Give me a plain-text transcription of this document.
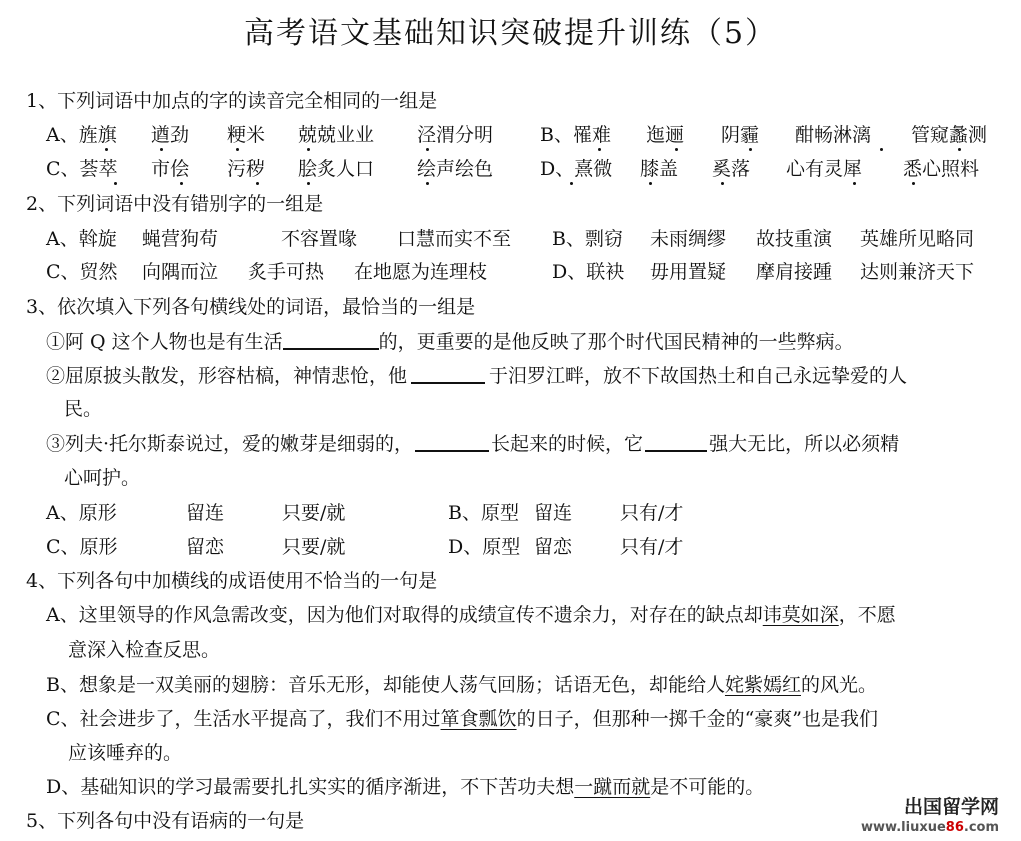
高考语文基础知识突破提升训练（5）
1、下列词语中加点的字的读音完全相同的一组是
A、旌旗 遒劲 粳米 兢兢业业 泾渭分明 B、罹难 迤逦 阴霾 酣畅淋漓 管窥蠡测
C、荟萃 市侩 污秽 脍炙人口 绘声绘色 D、熹微 膝盖 奚落 心有灵犀 悉心照料
2、下列词语中没有错别字的一组是
A、斡旋 蝇营狗苟	不容置喙 口慧而实不至 B、剽窃 未雨绸缪 故技重演 英雄所见略同
C、贸然 向隅而泣 炙手可热 在地愿为连理枝	D、联袂 毋用置疑 摩肩接踵 达则兼济天下
3、依次填入下列各句横线处的词语，最恰当的一组是
①阿 Q 这个人物也是有生活	的，更重要的是他反映了那个时代国民精神的一些弊病。
②屈原披头散发，形容枯槁，神情悲怆，他	于汨罗江畔，放不下故国热土和自己永远挚爱的人
民。
③列夫·托尔斯泰说过，爱的嫩芽是细弱的，	长起来的时候，它	强大无比，所以必须精
心呵护。
A、原形	留连	只要/就	B、原型 留连	只有/才
C、原形	留恋	只要/就	D、原型 留恋	只有/才
4、下列各句中加横线的成语使用不恰当的一句是
A、这里领导的作风急需改变，因为他们对取得的成绩宣传不遗余力，对存在的缺点却讳莫如深，不愿
意深入检查反思。
B、想象是一双美丽的翅膀：音乐无形，却能使人荡气回肠；话语无色，却能给人姹紫嫣红的风光。
C、社会进步了，生活水平提高了，我们不用过箪食瓢饮的日子，但那种一掷千金的“豪爽”也是我们
应该唾弃的。
D、基础知识的学习最需要扎扎实实的循序渐进，不下苦功夫想一蹴而就是不可能的。
5、下列各句中没有语病的一句是
出国留学网
www.liuxue86.com
